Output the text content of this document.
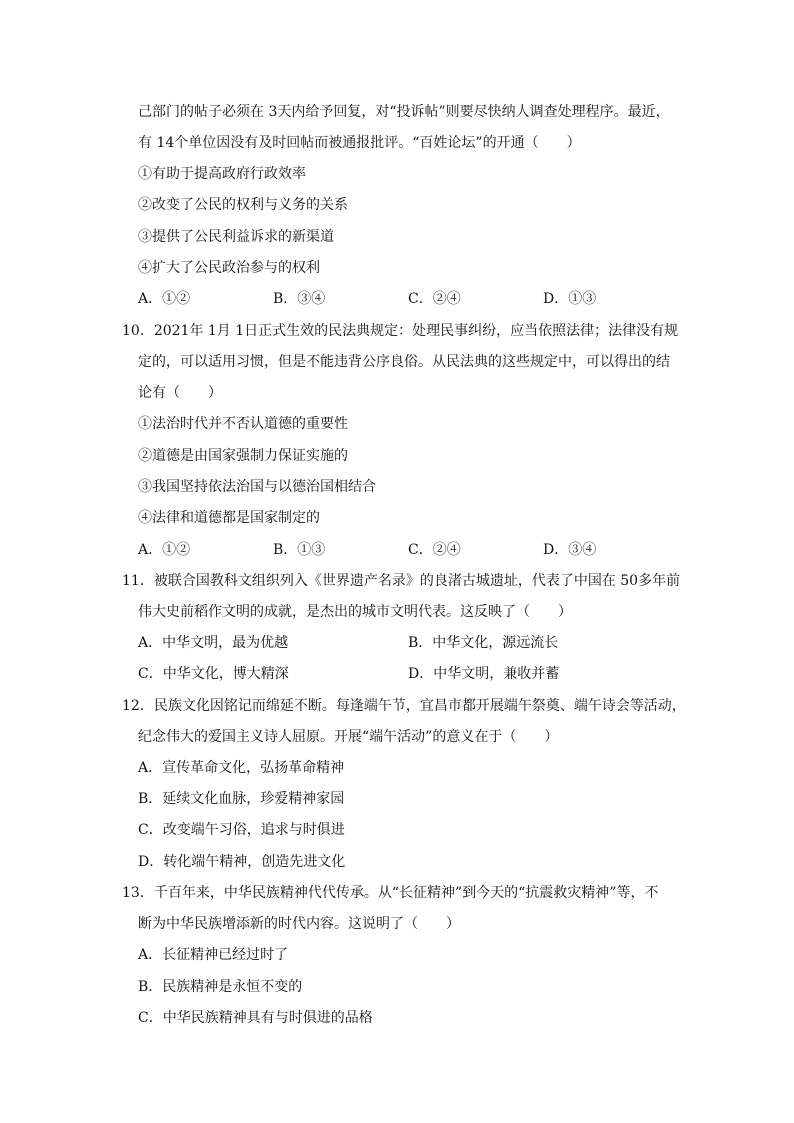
己部门的帖子必须在 3天内给予回复，对“投诉帖”则要尽快纳人调查处理程序。最近，
有 14个单位因没有及时回帖而被通报批评。“百姓论坛”的开通（　　）
①有助于提高政府行政效率
②改变了公民的权利与义务的关系
③提供了公民利益诉求的新渠道
④扩大了公民政治参与的权利
A．①②	B．③④	C．②④	D．①③
10．2021年 1月 1日正式生效的民法典规定：处理民事纠纷，应当依照法律；法律没有规
定的，可以适用习惯，但是不能违背公序良俗。从民法典的这些规定中，可以得出的结
论有（　　）
①法治时代并不否认道德的重要性
②道德是由国家强制力保证实施的
③我国坚持依法治国与以德治国相结合
④法律和道德都是国家制定的
A．①②	B．①③	C．②④	D．③④
11．被联合国教科文组织列入《世界遗产名录》的良渚古城遗址，代表了中国在 50多年前
伟大史前稻作文明的成就，是杰出的城市文明代表。这反映了（　　）
A．中华文明，最为优越	B．中华文化，源远流长
C．中华文化，博大精深	D．中华文明，兼收并蓄
12．民族文化因铭记而绵延不断。每逢端午节，宜昌市都开展端午祭奠、端午诗会等活动，
纪念伟大的爱国主义诗人屈原。开展“端午活动”的意义在于（　　）
A．宣传革命文化，弘扬革命精神
B．延续文化血脉，珍爱精神家园
C．改变端午习俗，追求与时俱进
D．转化端午精神，创造先进文化
13．千百年来，中华民族精神代代传承。从“长征精神”到今天的“抗震救灾精神”等，不
断为中华民族增添新的时代内容。这说明了（　　）
A．长征精神已经过时了
B．民族精神是永恒不变的
C．中华民族精神具有与时俱进的品格
